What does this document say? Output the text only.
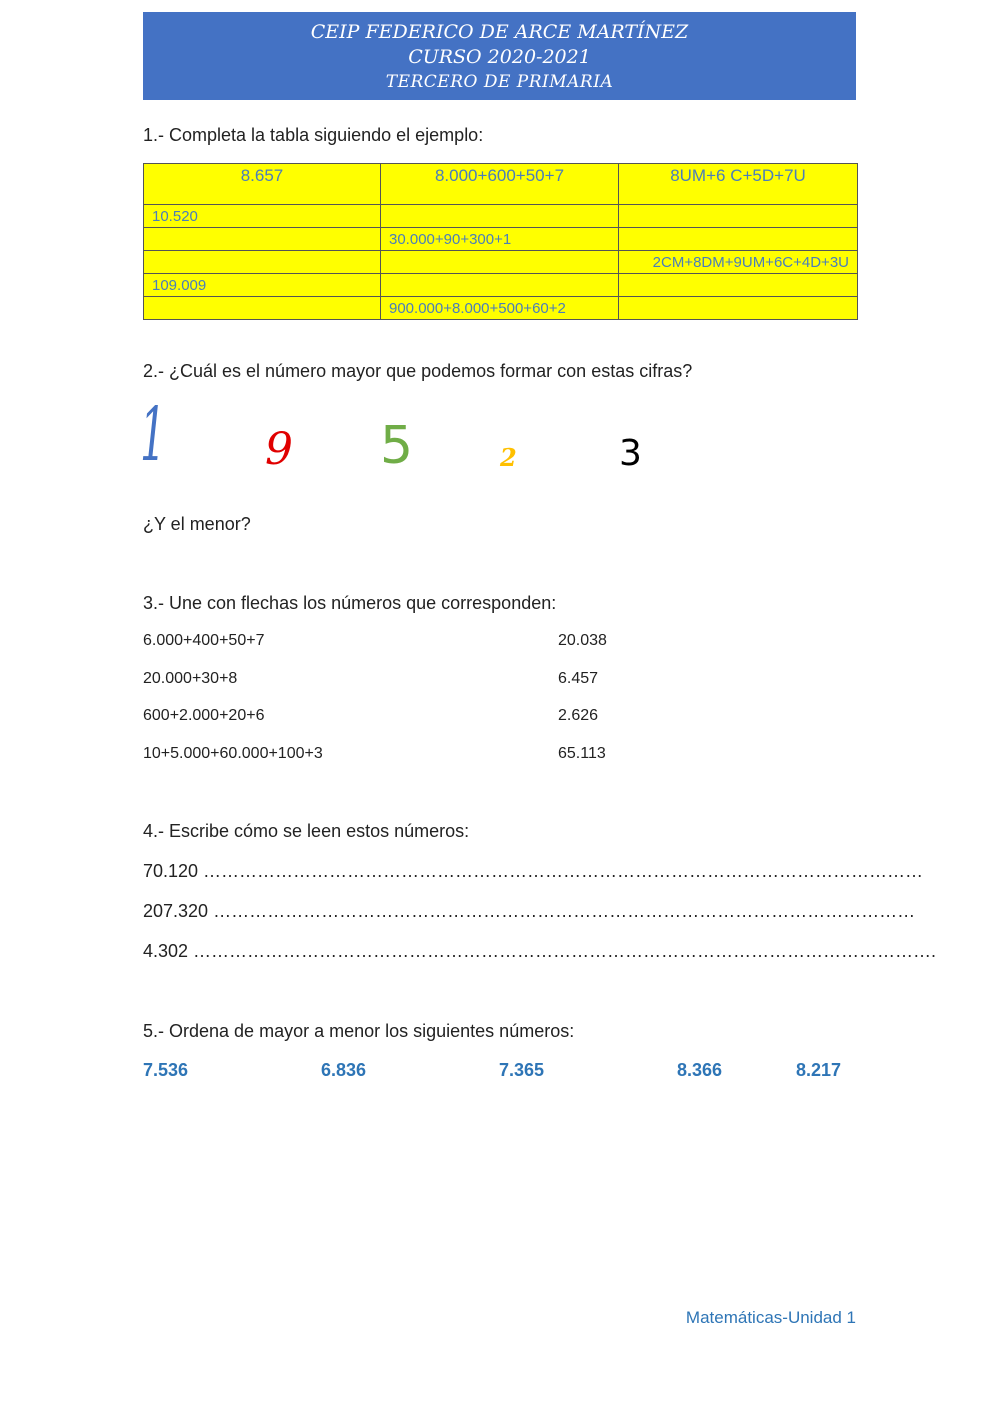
CEIP FEDERICO DE ARCE MARTÍNEZ
CURSO 2020-2021
TERCERO DE PRIMARIA
1.- Completa la tabla siguiendo el ejemplo:
8.657	8.000+600+50+7	8UM+6 C+5D+7U
10.520		
	30.000+90+300+1	
		2CM+8DM+9UM+6C+4D+3U
109.009		
	900.000+8.000+500+60+2	
2.- ¿Cuál es el número mayor que podemos formar con estas cifras?
1 9 5	2	3
¿Y el menor?
3.- Une con flechas los números que corresponden:
6.000+400+50+7	20.038
20.000+30+8	6.457
600+2.000+20+6	2.626
10+5.000+60.000+100+3	65.113
4.- Escribe cómo se leen estos números:
70.120 …………………………………………………………………………………………………………
207.320 ………………………………………………………………………………………………………
4.302 …………………………………………………………………………………………………………….
5.- Ordena de mayor a menor los siguientes números:
7.536	6.836	7.365	8.366	8.217
Matemáticas-Unidad 1
